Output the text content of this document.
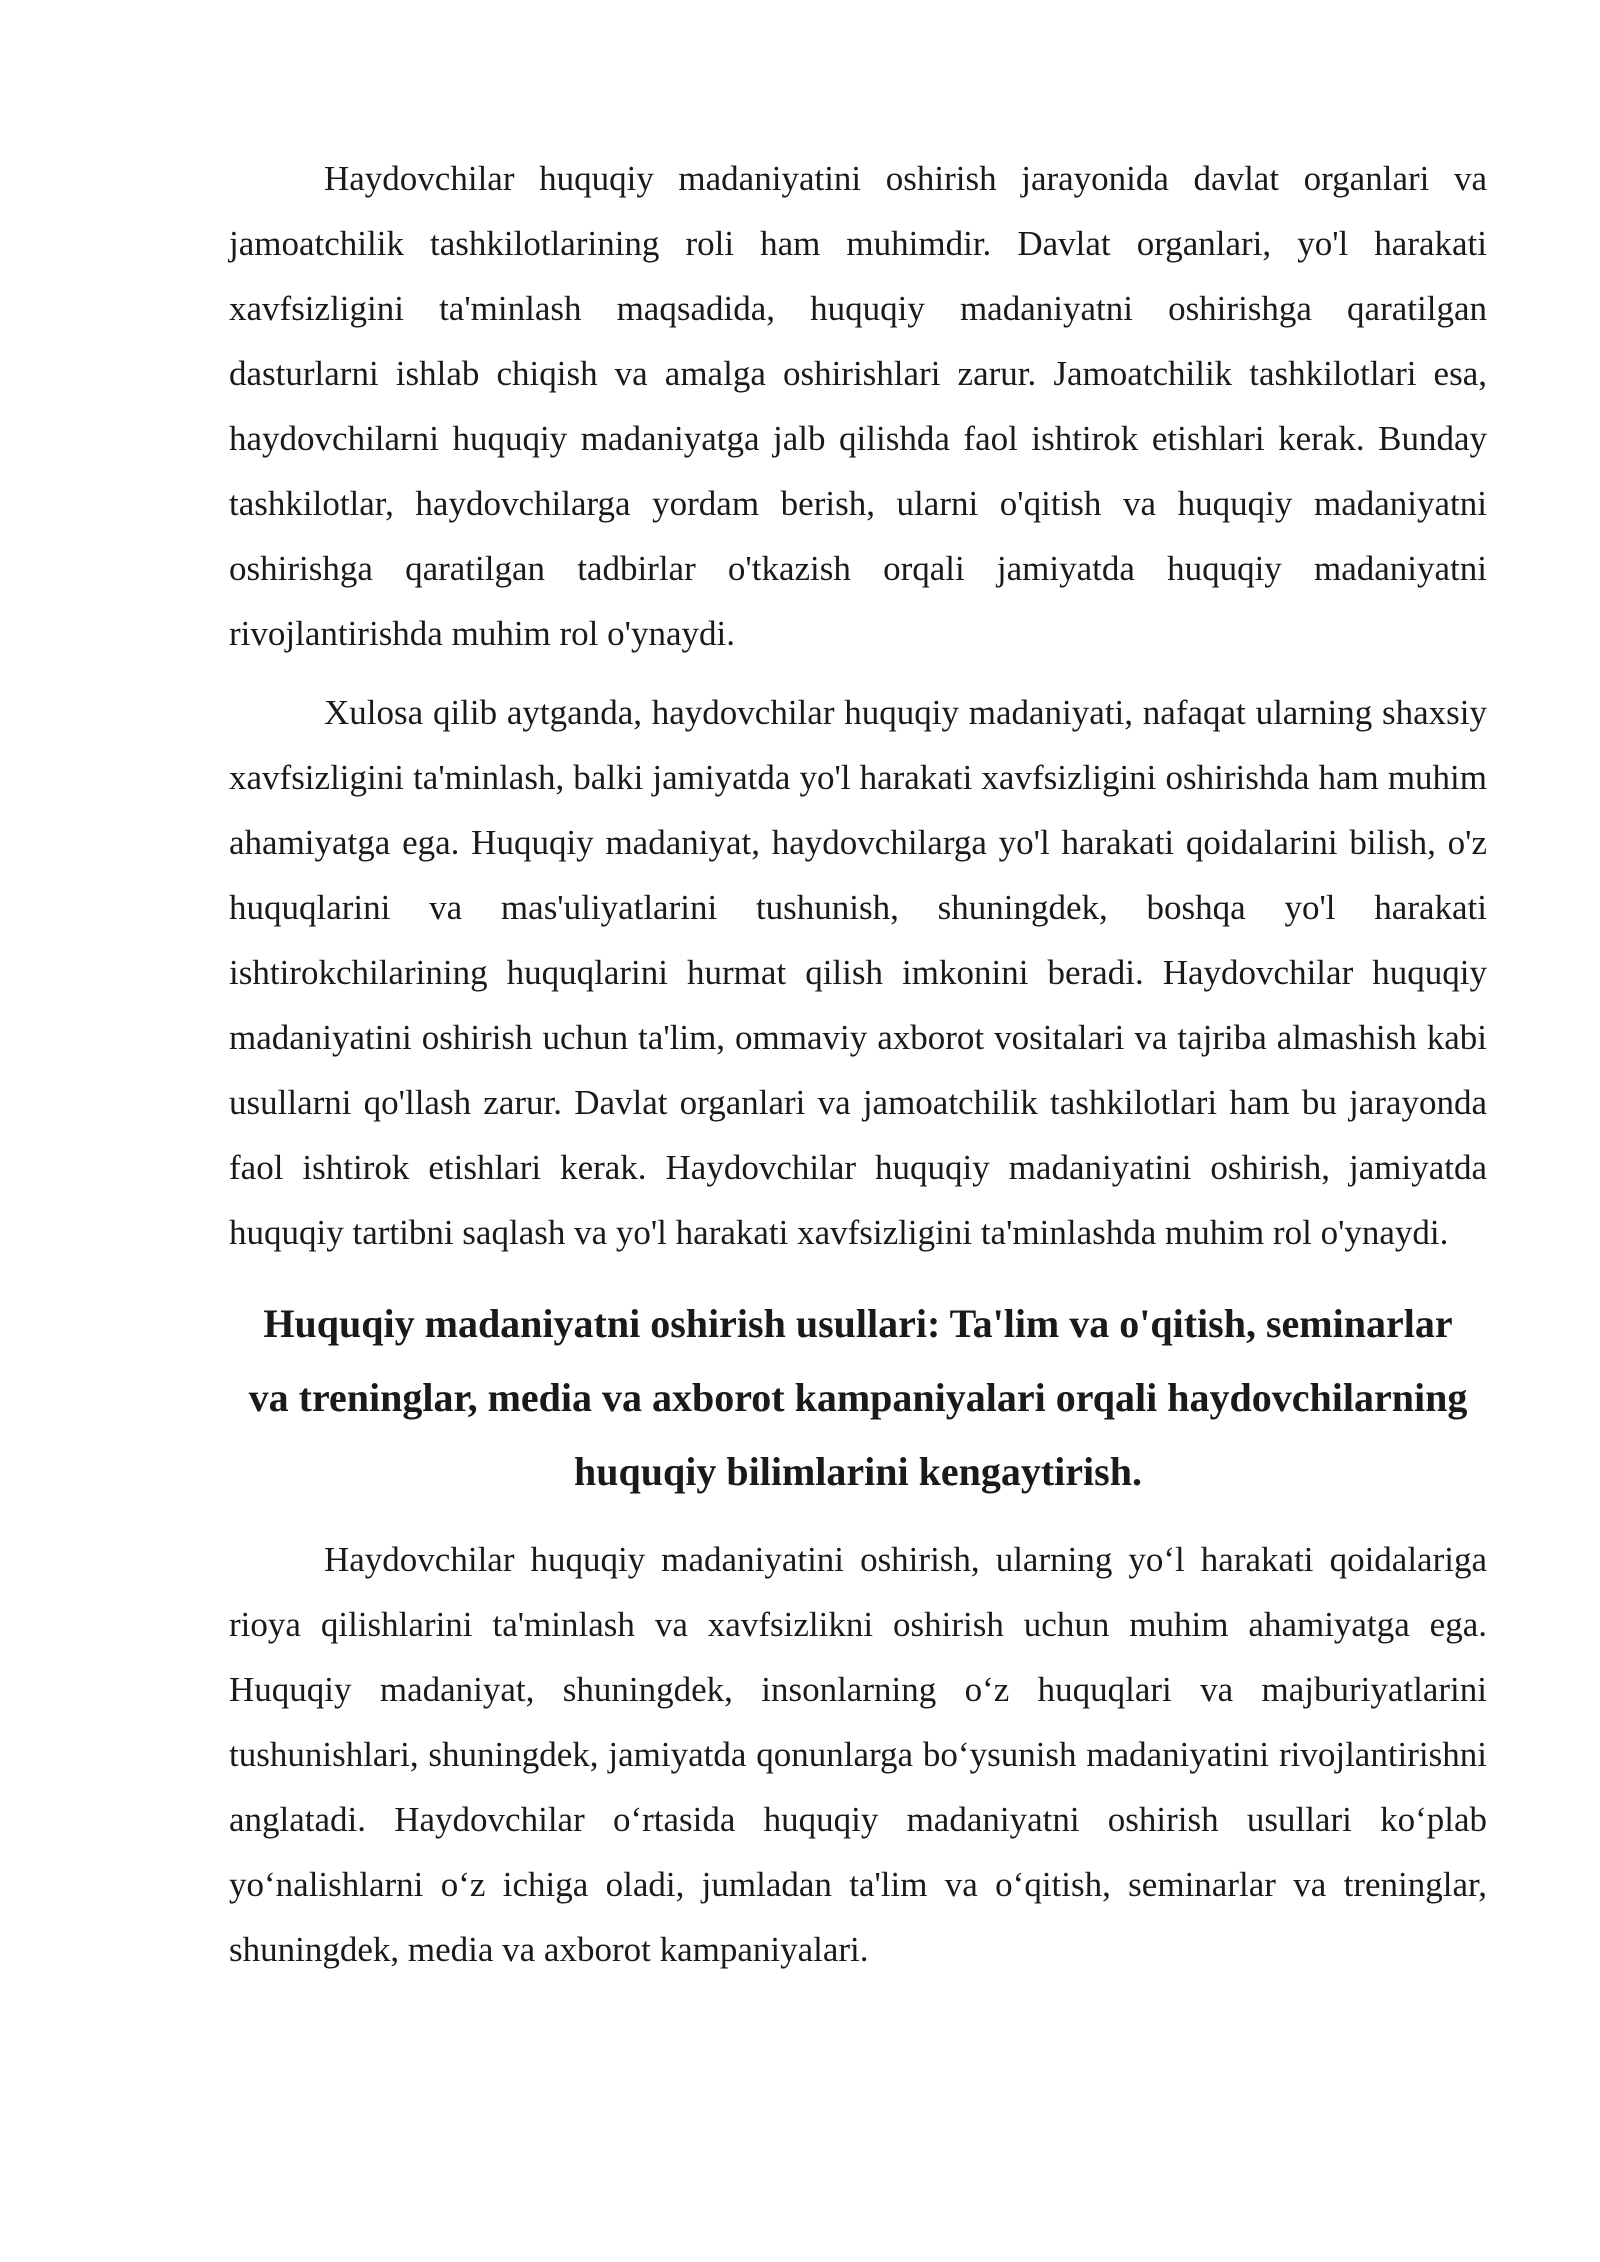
Haydovchilar huquqiy madaniyatini oshirish jarayonida davlat organlari va jamoatchilik tashkilotlarining roli ham muhimdir. Davlat organlari, yo'l harakati xavfsizligini ta'minlash maqsadida, huquqiy madaniyatni oshirishga qaratilgan dasturlarni ishlab chiqish va amalga oshirishlari zarur. Jamoatchilik tashkilotlari esa, haydovchilarni huquqiy madaniyatga jalb qilishda faol ishtirok etishlari kerak. Bunday tashkilotlar, haydovchilarga yordam berish, ularni o'qitish va huquqiy madaniyatni oshirishga qaratilgan tadbirlar o'tkazish orqali jamiyatda huquqiy madaniyatni rivojlantirishda muhim rol o'ynaydi.

Xulosa qilib aytganda, haydovchilar huquqiy madaniyati, nafaqat ularning shaxsiy xavfsizligini ta'minlash, balki jamiyatda yo'l harakati xavfsizligini oshirishda ham muhim ahamiyatga ega. Huquqiy madaniyat, haydovchilarga yo'l harakati qoidalarini bilish, o'z huquqlarini va mas'uliyatlarini tushunish, shuningdek, boshqa yo'l harakati ishtirokchilarining huquqlarini hurmat qilish imkonini beradi. Haydovchilar huquqiy madaniyatini oshirish uchun ta'lim, ommaviy axborot vositalari va tajriba almashish kabi usullarni qo'llash zarur. Davlat organlari va jamoatchilik tashkilotlari ham bu jarayonda faol ishtirok etishlari kerak. Haydovchilar huquqiy madaniyatini oshirish, jamiyatda huquqiy tartibni saqlash va yo'l harakati xavfsizligini ta'minlashda muhim rol o'ynaydi.

Huquqiy madaniyatni oshirish usullari: Ta'lim va o'qitish, seminarlar va treninglar, media va axborot kampaniyalari orqali haydovchilarning huquqiy bilimlarini kengaytirish.

Haydovchilar huquqiy madaniyatini oshirish, ularning yo‘l harakati qoidalariga rioya qilishlarini ta'minlash va xavfsizlikni oshirish uchun muhim ahamiyatga ega. Huquqiy madaniyat, shuningdek, insonlarning o‘z huquqlari va majburiyatlarini tushunishlari, shuningdek, jamiyatda qonunlarga bo‘ysunish madaniyatini rivojlantirishni anglatadi. Haydovchilar o‘rtasida huquqiy madaniyatni oshirish usullari ko‘plab yo‘nalishlarni o‘z ichiga oladi, jumladan ta'lim va o‘qitish, seminarlar va treninglar, shuningdek, media va axborot kampaniyalari.
